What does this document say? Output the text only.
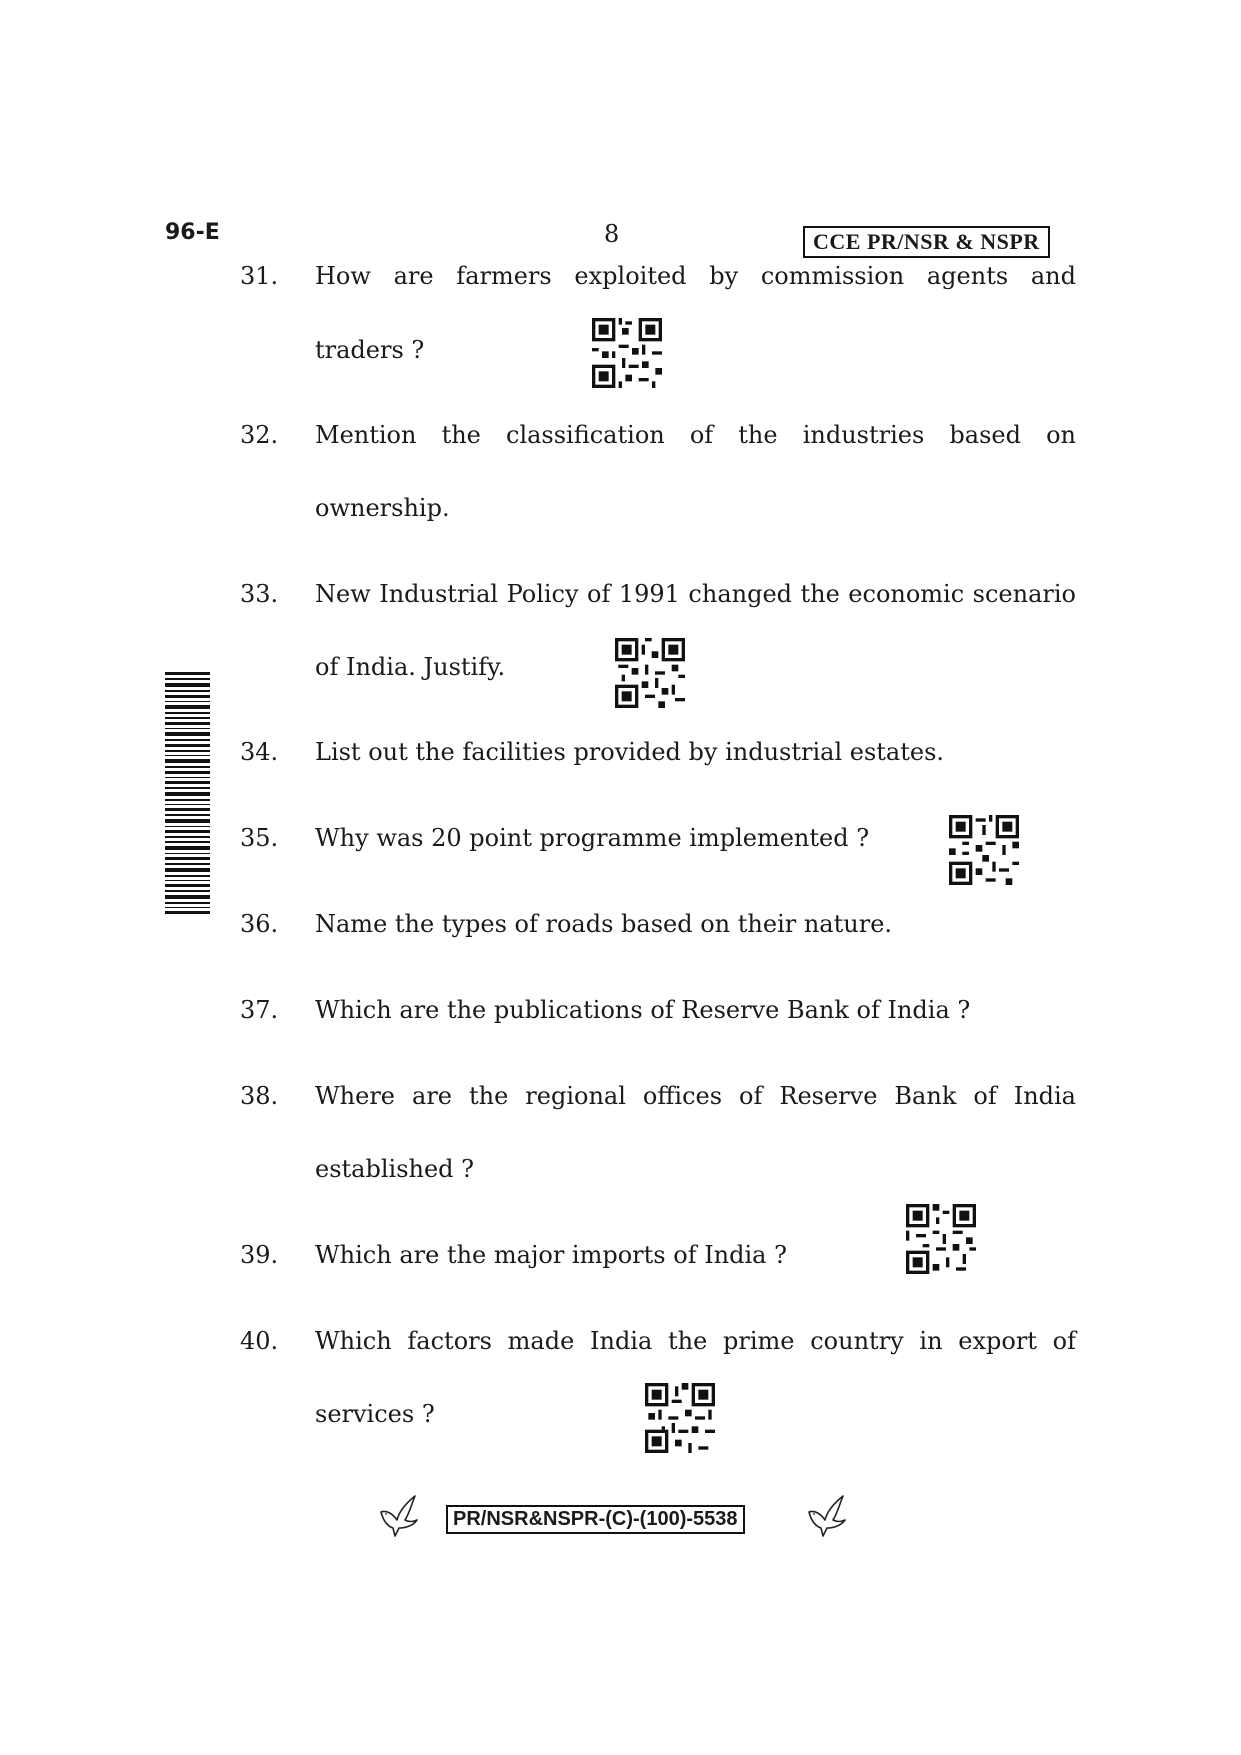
96-E	8	CCE PR/NSR & NSPR
31. How are farmers exploited by commission agents and
traders ?
32. Mention the classification of the industries based on
ownership.
33. New Industrial Policy of 1991 changed the economic scenario
of India. Justify.
34. List out the facilities provided by industrial estates.
35. Why was 20 point programme implemented ?
36. Name the types of roads based on their nature.
37. Which are the publications of Reserve Bank of India ?
38. Where are the regional offices of Reserve Bank of India
established ?
39. Which are the major imports of India ?
40. Which factors made India the prime country in export of
services ?
PR/NSR&NSPR-(C)-(100)-5538
